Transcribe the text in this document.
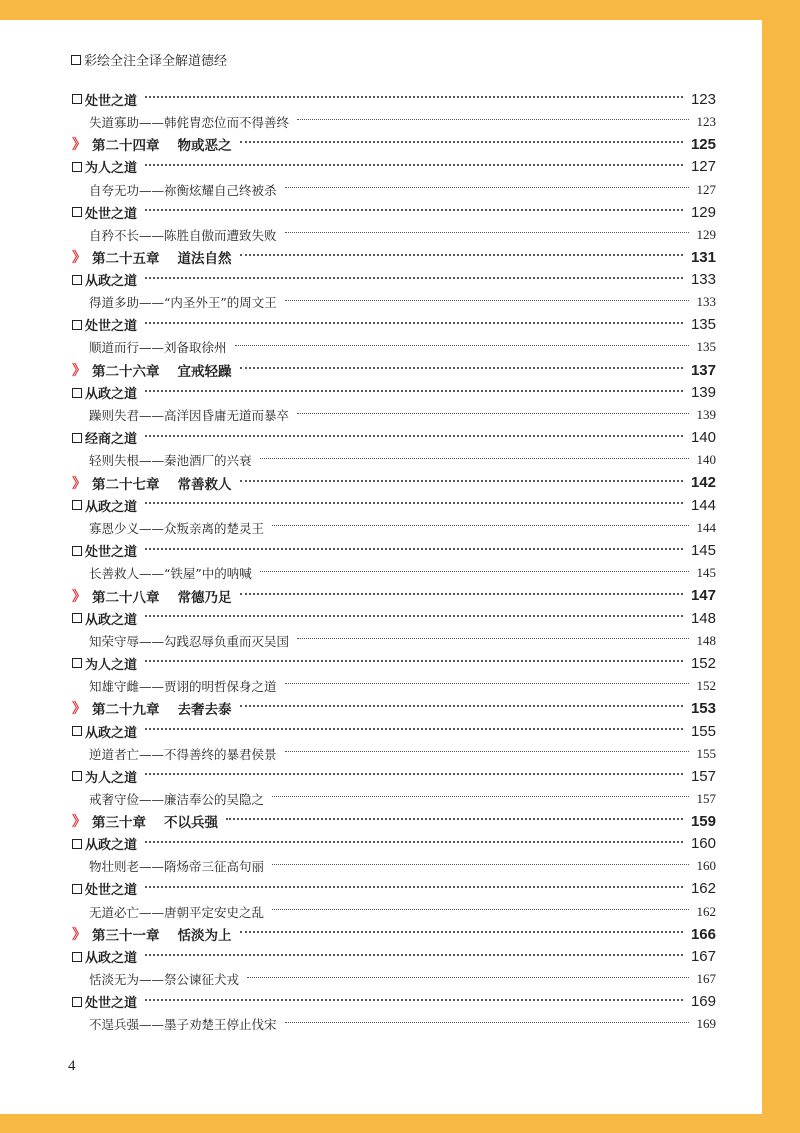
彩绘全注全译全解道德经
处世之道	123
失道寡助——韩侂胄恋位而不得善终	123
》 第二十四章 物或恶之	125
为人之道	127
自夸无功——祢衡炫耀自己终被杀	127
处世之道	129
自矜不长——陈胜自傲而遭致失败	129
》 第二十五章 道法自然	131
从政之道	133
得道多助——“内圣外王”的周文王	133
处世之道	135
顺道而行——刘备取徐州	135
》 第二十六章 宜戒轻躁	137
从政之道	139
躁则失君——高洋因昏庸无道而暴卒	139
经商之道	140
轻则失根——秦池酒厂的兴衰	140
》 第二十七章 常善救人	142
从政之道	144
寡恩少义——众叛亲离的楚灵王	144
处世之道	145
长善救人——“铁屋”中的呐喊	145
》 第二十八章 常德乃足	147
从政之道	148
知荣守辱——勾践忍辱负重而灭吴国	148
为人之道	152
知雄守雌——贾诩的明哲保身之道	152
》 第二十九章 去奢去泰	153
从政之道	155
逆道者亡——不得善终的暴君侯景	155
为人之道	157
戒奢守俭——廉洁奉公的吴隐之	157
》 第三十章 不以兵强	159
从政之道	160
物壮则老——隋炀帝三征高句丽	160
处世之道	162
无道必亡——唐朝平定安史之乱	162
》 第三十一章 恬淡为上	166
从政之道	167
恬淡无为——祭公谏征犬戎	167
处世之道	169
不逞兵强——墨子劝楚王停止伐宋	169
4
